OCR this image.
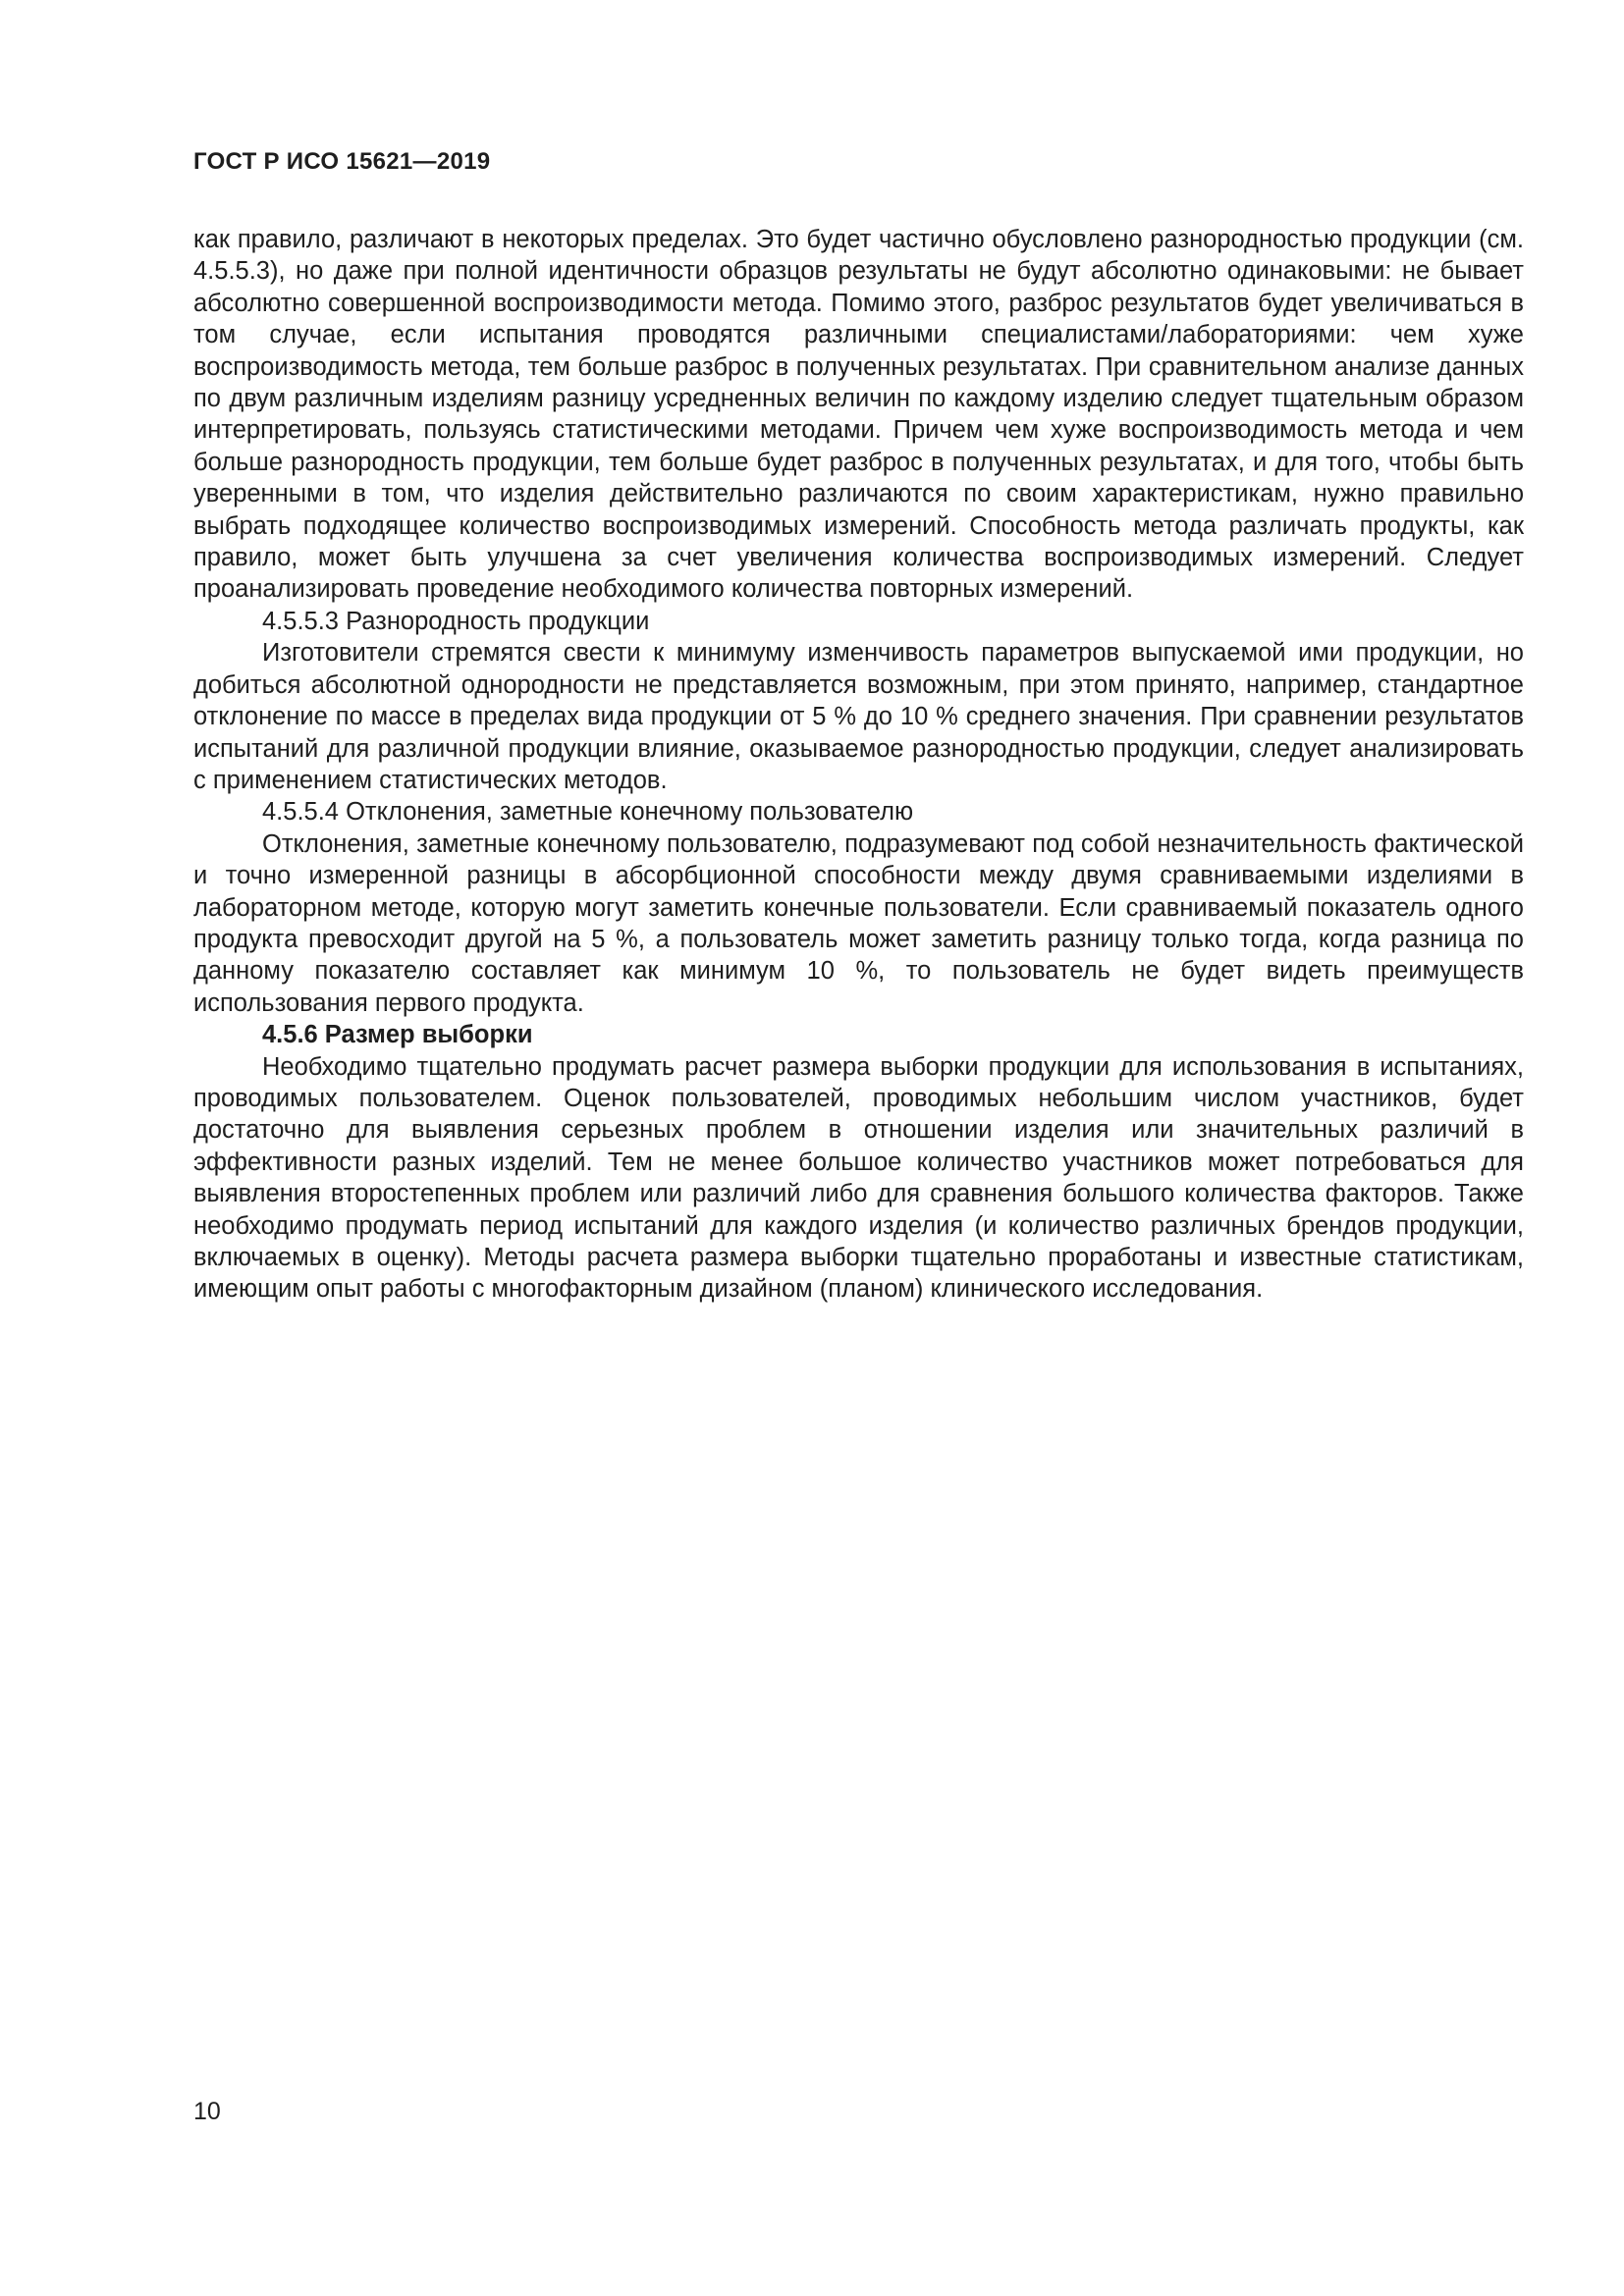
ГОСТ Р ИСО 15621—2019

как правило, различают в некоторых пределах. Это будет частично обусловлено разнородностью продукции (см. 4.5.5.3), но даже при полной идентичности образцов результаты не будут абсолютно одинаковыми: не бывает абсолютно совершенной воспроизводимости метода. Помимо этого, разброс результатов будет увеличиваться в том случае, если испытания проводятся различными специалистами/лабораториями: чем хуже воспроизводимость метода, тем больше разброс в полученных результатах. При сравнительном анализе данных по двум различным изделиям разницу усредненных величин по каждому изделию следует тщательным образом интерпретировать, пользуясь статистическими методами. Причем чем хуже воспроизводимость метода и чем больше разнородность продукции, тем больше будет разброс в полученных результатах, и для того, чтобы быть уверенными в том, что изделия действительно различаются по своим характеристикам, нужно правильно выбрать подходящее количество воспроизводимых измерений. Способность метода различать продукты, как правило, может быть улучшена за счет увеличения количества воспроизводимых измерений. Следует проанализировать проведение необходимого количества повторных измерений.

4.5.5.3 Разнородность продукции

Изготовители стремятся свести к минимуму изменчивость параметров выпускаемой ими продукции, но добиться абсолютной однородности не представляется возможным, при этом принято, например, стандартное отклонение по массе в пределах вида продукции от 5 % до 10 % среднего значения. При сравнении результатов испытаний для различной продукции влияние, оказываемое разнородностью продукции, следует анализировать с применением статистических методов.

4.5.5.4 Отклонения, заметные конечному пользователю

Отклонения, заметные конечному пользователю, подразумевают под собой незначительность фактической и точно измеренной разницы в абсорбционной способности между двумя сравниваемыми изделиями в лабораторном методе, которую могут заметить конечные пользователи. Если сравниваемый показатель одного продукта превосходит другой на 5 %, а пользователь может заметить разницу только тогда, когда разница по данному показателю составляет как минимум 10 %, то пользователь не будет видеть преимуществ использования первого продукта.

4.5.6 Размер выборки

Необходимо тщательно продумать расчет размера выборки продукции для использования в испытаниях, проводимых пользователем. Оценок пользователей, проводимых небольшим числом участников, будет достаточно для выявления серьезных проблем в отношении изделия или значительных различий в эффективности разных изделий. Тем не менее большое количество участников может потребоваться для выявления второстепенных проблем или различий либо для сравнения большого количества факторов. Также необходимо продумать период испытаний для каждого изделия (и количество различных брендов продукции, включаемых в оценку). Методы расчета размера выборки тщательно проработаны и известные статистикам, имеющим опыт работы с многофакторным дизайном (планом) клинического исследования.

10
